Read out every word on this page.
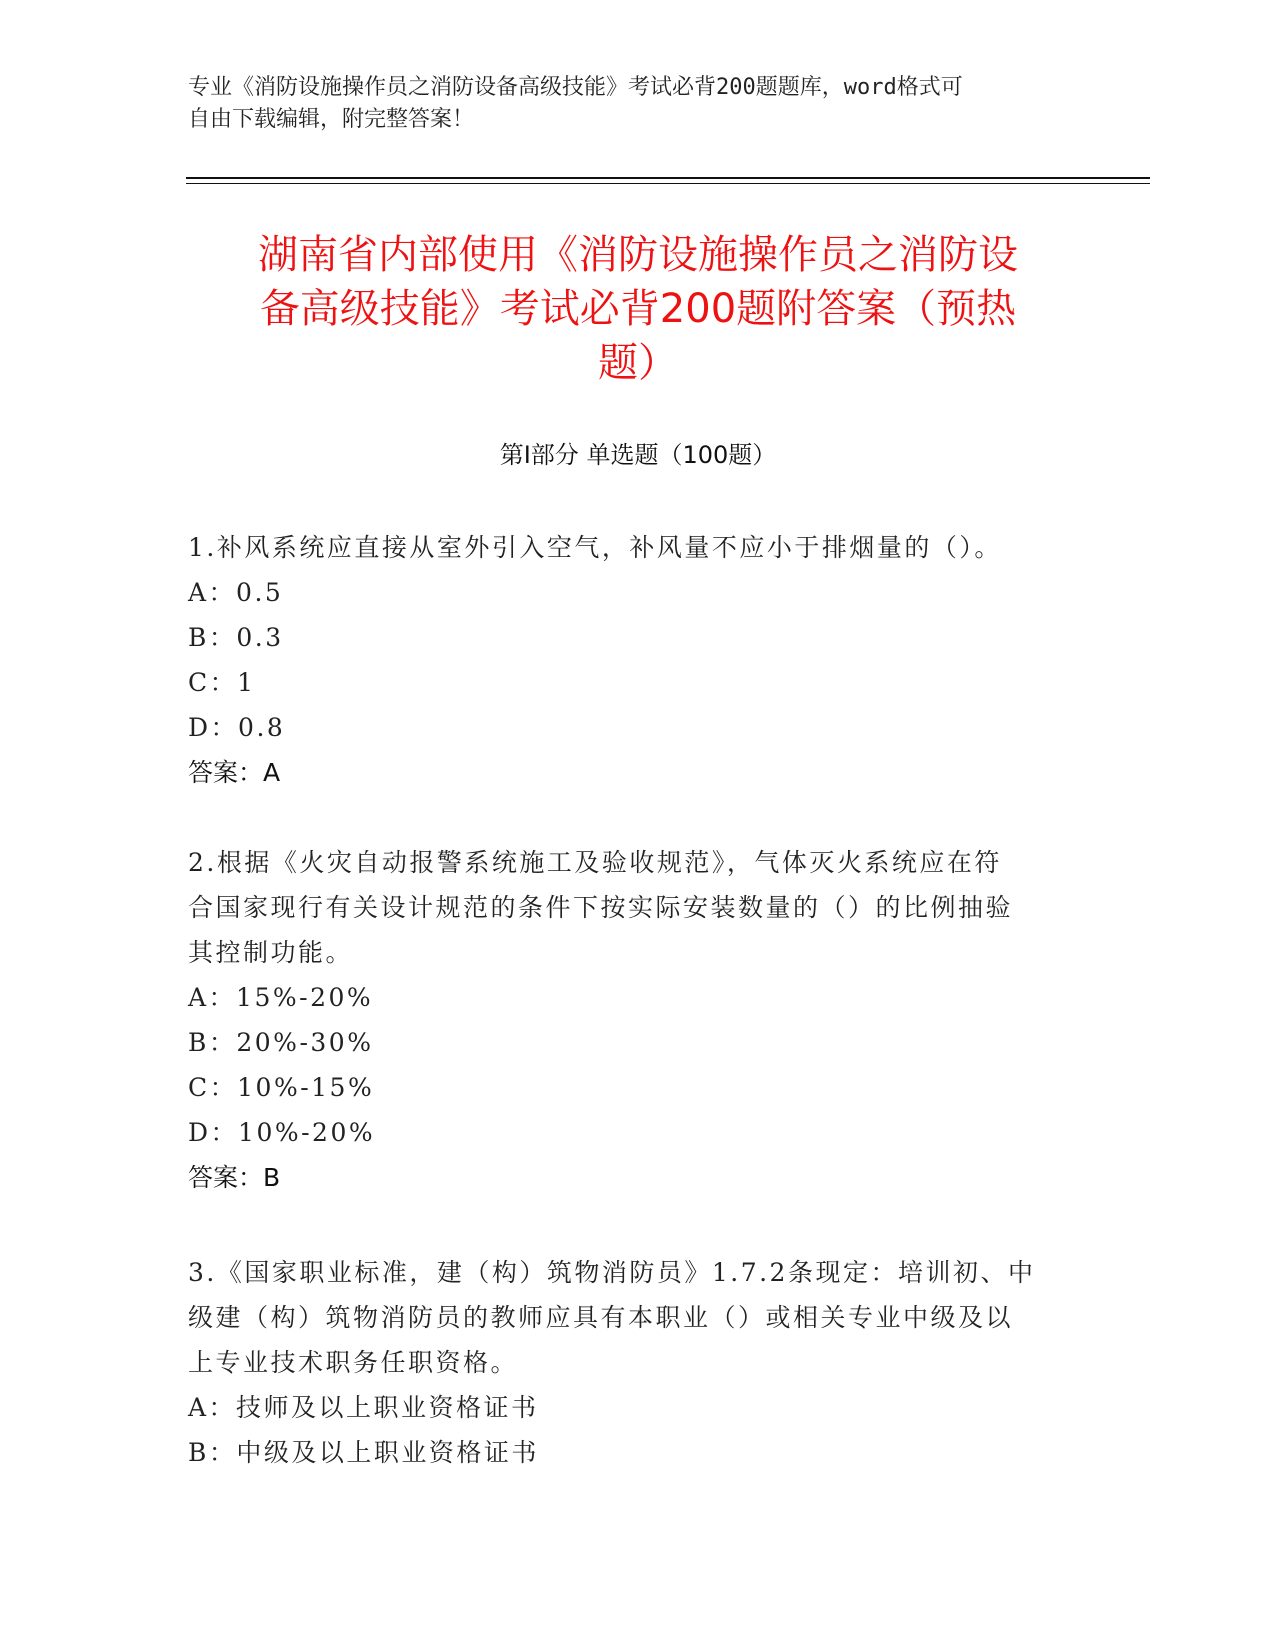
专业《消防设施操作员之消防设备高级技能》考试必背200题题库，word格式可
自由下载编辑，附完整答案！
湖南省内部使用《消防设施操作员之消防设
备高级技能》考试必背200题附答案（预热
题）
第I部分 单选题（100题）
1.补风系统应直接从室外引入空气，补风量不应小于排烟量的（）。
A：0.5
B：0.3
C：1
D：0.8
答案：A
2.根据《火灾自动报警系统施工及验收规范》，气体灭火系统应在符
合国家现行有关设计规范的条件下按实际安装数量的（）的比例抽验
其控制功能。
A：15%-20%
B：20%-30%
C：10%-15%
D：10%-20%
答案：B
3.《国家职业标准，建（构）筑物消防员》1.7.2条现定：培训初、中
级建（构）筑物消防员的教师应具有本职业（）或相关专业中级及以
上专业技术职务任职资格。
A：技师及以上职业资格证书
B：中级及以上职业资格证书
